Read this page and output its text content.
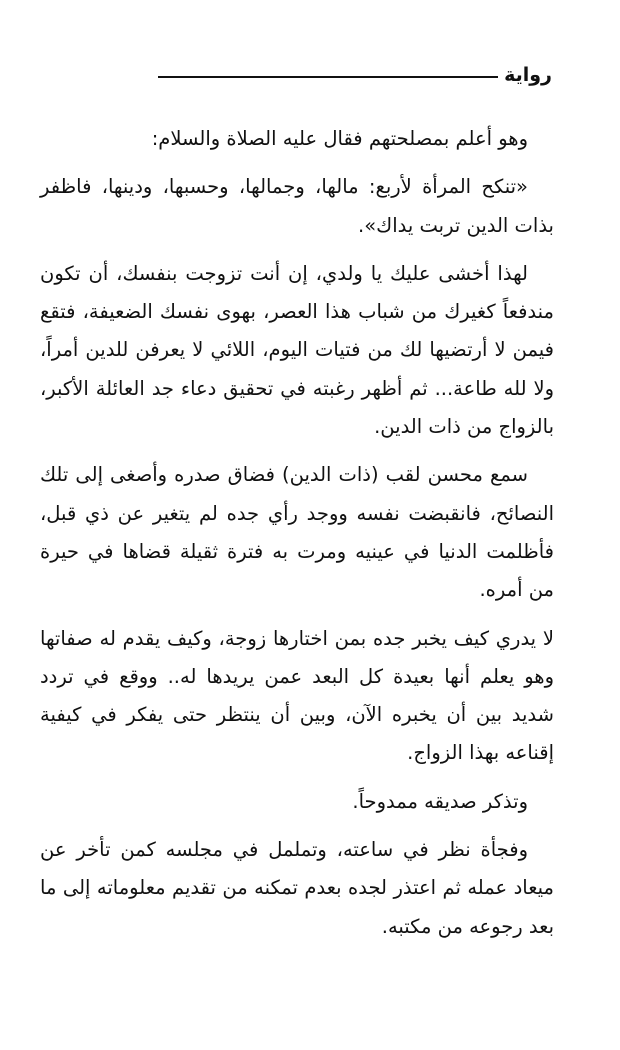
رواية

وهو أعلم بمصلحتهم فقال عليه الصلاة والسلام:

«تنكح المرأة لأربع: مالها، وجمالها، وحسبها، ودينها، فاظفر بذات الدين تربت يداك».

لهذا أخشى عليك يا ولدي، إن أنت تزوجت بنفسك، أن تكون مندفعاً كغيرك من شباب هذا العصر، بهوى نفسك الضعيفة، فتقع فيمن لا أرتضيها لك من فتيات اليوم، اللائي لا يعرفن للدين أمراً، ولا لله طاعة... ثم أظهر رغبته في تحقيق دعاء جد العائلة الأكبر، بالزواج من ذات الدين.

سمع محسن لقب (ذات الدين) فضاق صدره وأصغى إلى تلك النصائح، فانقبضت نفسه ووجد رأي جده لم يتغير عن ذي قبل، فأظلمت الدنيا في عينيه ومرت به فترة ثقيلة قضاها في حيرة من أمره.

لا يدري كيف يخبر جده بمن اختارها زوجة، وكيف يقدم له صفاتها وهو يعلم أنها بعيدة كل البعد عمن يريدها له.. ووقع في تردد شديد بين أن يخبره الآن، وبين أن ينتظر حتى يفكر في كيفية إقناعه بهذا الزواج.

وتذكر صديقه ممدوحاً.

وفجأة نظر في ساعته، وتململ في مجلسه كمن تأخر عن ميعاد عمله ثم اعتذر لجده بعدم تمكنه من تقديم معلوماته إلى ما بعد رجوعه من مكتبه.
